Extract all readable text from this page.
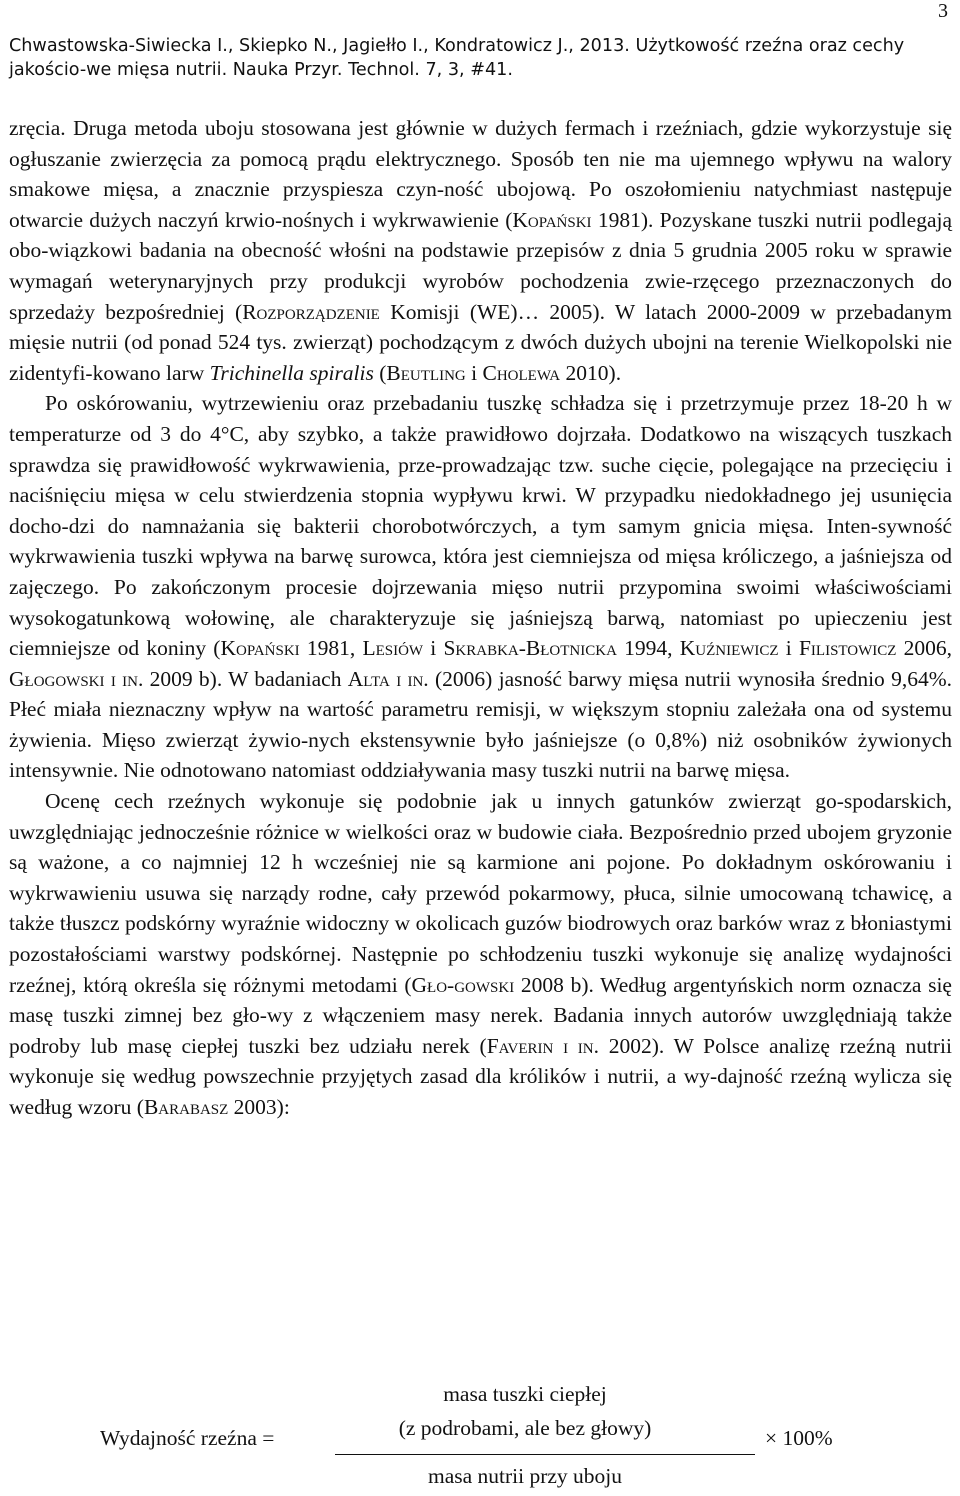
3
Chwastowska-Siwiecka I., Skiepko N., Jagiełło I., Kondratowicz J., 2013. Użytkowość rzeźna oraz cechy jakościo-we mięsa nutrii. Nauka Przyr. Technol. 7, 3, #41.

zręcia. Druga metoda uboju stosowana jest głównie w dużych fermach i rzeźniach, gdzie wykorzystuje się ogłuszanie zwierzęcia za pomocą prądu elektrycznego. Sposób ten nie ma ujemnego wpływu na walory smakowe mięsa, a znacznie przyspiesza czyn-ność ubojową. Po oszołomieniu natychmiast następuje otwarcie dużych naczyń krwio-nośnych i wykrwawienie (Kopański 1981). Pozyskane tuszki nutrii podlegają obo-wiązkowi badania na obecność włośni na podstawie przepisów z dnia 5 grudnia 2005 roku w sprawie wymagań weterynaryjnych przy produkcji wyrobów pochodzenia zwie-rzęcego przeznaczonych do sprzedaży bezpośredniej (Rozporządzenie Komisji (WE)… 2005). W latach 2000-2009 w przebadanym mięsie nutrii (od ponad 524 tys. zwierząt) pochodzącym z dwóch dużych ubojni na terenie Wielkopolski nie zidentyfi-kowano larw Trichinella spiralis (Beutling i Cholewa 2010).

Po oskórowaniu, wytrzewieniu oraz przebadaniu tuszkę schładza się i przetrzymuje przez 18-20 h w temperaturze od 3 do 4°C, aby szybko, a także prawidłowo dojrzała. Dodatkowo na wiszących tuszkach sprawdza się prawidłowość wykrwawienia, prze-prowadzając tzw. suche cięcie, polegające na przecięciu i naciśnięciu mięsa w celu stwierdzenia stopnia wypływu krwi. W przypadku niedokładnego jej usunięcia docho-dzi do namnażania się bakterii chorobotwórczych, a tym samym gnicia mięsa. Inten-sywność wykrwawienia tuszki wpływa na barwę surowca, która jest ciemniejsza od mięsa króliczego, a jaśniejsza od zajęczego. Po zakończonym procesie dojrzewania mięso nutrii przypomina swoimi właściwościami wysokogatunkową wołowinę, ale charakteryzuje się jaśniejszą barwą, natomiast po upieczeniu jest ciemniejsze od koniny (Kopański 1981, Lesiów i Skrabka-Błotnicka 1994, Kuźniewicz i Filistowicz 2006, Głogowski i in. 2009 b). W badaniach Alta i in. (2006) jasność barwy mięsa nutrii wynosiła średnio 9,64%. Płeć miała nieznaczny wpływ na wartość parametru remisji, w większym stopniu zależała ona od systemu żywienia. Mięso zwierząt żywio-nych ekstensywnie było jaśniejsze (o 0,8%) niż osobników żywionych intensywnie. Nie odnotowano natomiast oddziaływania masy tuszki nutrii na barwę mięsa.

Ocenę cech rzeźnych wykonuje się podobnie jak u innych gatunków zwierząt go-spodarskich, uwzględniając jednocześnie różnice w wielkości oraz w budowie ciała. Bezpośrednio przed ubojem gryzonie są ważone, a co najmniej 12 h wcześniej nie są karmione ani pojone. Po dokładnym oskórowaniu i wykrwawieniu usuwa się narządy rodne, cały przewód pokarmowy, płuca, silnie umocowaną tchawicę, a także tłuszcz podskórny wyraźnie widoczny w okolicach guzów biodrowych oraz barków wraz z błoniastymi pozostałościami warstwy podskórnej. Następnie po schłodzeniu tuszki wykonuje się analizę wydajności rzeźnej, którą określa się różnymi metodami (Gło-gowski 2008 b). Według argentyńskich norm oznacza się masę tuszki zimnej bez gło-wy z włączeniem masy nerek. Badania innych autorów uwzględniają także podroby lub masę ciepłej tuszki bez udziału nerek (Faverin i in. 2002). W Polsce analizę rzeźną nutrii wykonuje się według powszechnie przyjętych zasad dla królików i nutrii, a wy-dajność rzeźną wylicza się według wzoru (Barabasz 2003):

Wydajność rzeźna =
masa tuszki ciepłej
(z podrobami, ale bez głowy)
masa nutrii przy uboju
× 100%
